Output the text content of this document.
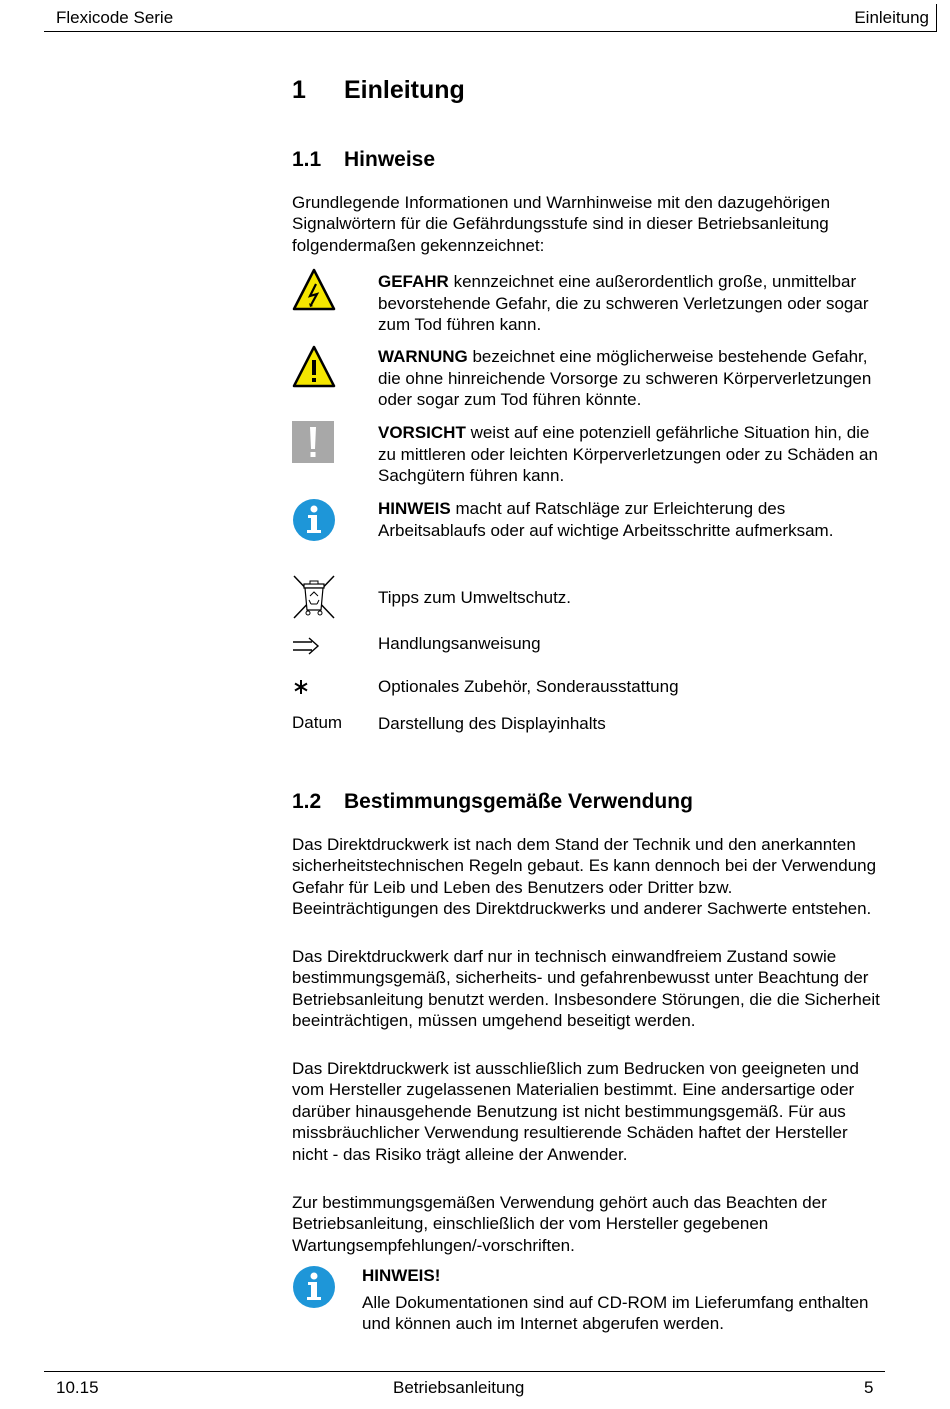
Flexicode Serie	Einleitung
1 Einleitung
1.1 Hinweise
Grundlegende Informationen und Warnhinweise mit den dazugehörigen Signalwörtern für die Gefährdungsstufe sind in dieser Betriebsanleitung folgendermaßen gekennzeichnet:
GEFAHR kennzeichnet eine außerordentlich große, unmittelbar bevorstehende Gefahr, die zu schweren Verletzungen oder sogar zum Tod führen kann.
WARNUNG bezeichnet eine möglicherweise bestehende Gefahr, die ohne hinreichende Vorsorge zu schweren Körperverletzungen oder sogar zum Tod führen könnte.
VORSICHT weist auf eine potenziell gefährliche Situation hin, die zu mittleren oder leichten Körperverletzungen oder zu Schäden an Sachgütern führen kann.
HINWEIS macht auf Ratschläge zur Erleichterung des Arbeitsablaufs oder auf wichtige Arbeitsschritte aufmerksam.
Tipps zum Umweltschutz.
Handlungsanweisung
Optionales Zubehör, Sonderausstattung
Datum Darstellung des Displayinhalts
1.2 Bestimmungsgemäße Verwendung
Das Direktdruckwerk ist nach dem Stand der Technik und den anerkannten sicherheitstechnischen Regeln gebaut. Es kann dennoch bei der Verwendung Gefahr für Leib und Leben des Benutzers oder Dritter bzw. Beeinträchtigungen des Direktdruckwerks und anderer Sachwerte entstehen.
Das Direktdruckwerk darf nur in technisch einwandfreiem Zustand sowie bestimmungsgemäß, sicherheits- und gefahrenbewusst unter Beachtung der Betriebsanleitung benutzt werden. Insbesondere Störungen, die die Sicherheit beeinträchtigen, müssen umgehend beseitigt werden.
Das Direktdruckwerk ist ausschließlich zum Bedrucken von geeigneten und vom Hersteller zugelassenen Materialien bestimmt. Eine andersartige oder darüber hinausgehende Benutzung ist nicht bestimmungsgemäß. Für aus missbräuchlicher Verwendung resultierende Schäden haftet der Hersteller nicht - das Risiko trägt alleine der Anwender.
Zur bestimmungsgemäßen Verwendung gehört auch das Beachten der Betriebsanleitung, einschließlich der vom Hersteller gegebenen Wartungsempfehlungen/-vorschriften.
HINWEIS!
Alle Dokumentationen sind auf CD-ROM im Lieferumfang enthalten und können auch im Internet abgerufen werden.
10.15	Betriebsanleitung	5
